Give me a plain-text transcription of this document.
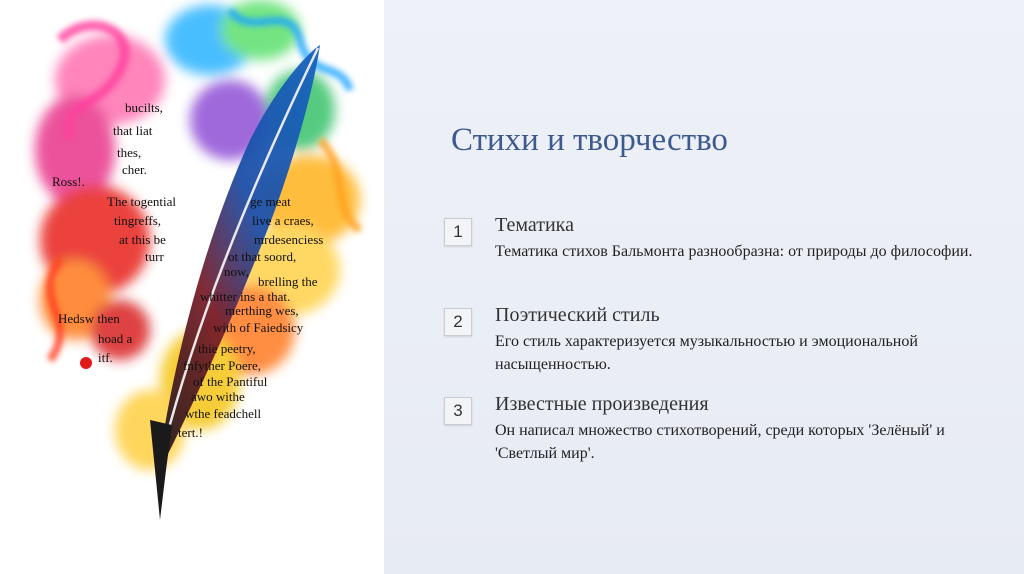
bucilts,
that liat
thes,
cher.
Ross!.
The togential
tingreffs,
at this be
turr
ge meat
live a craes,
mrdesenciess
ot that soord,
now,
brelling the
whitter ins a that.
merthing wes,
with of Faiedsicy
Hedsw then
hoad a
itf.
thie peetry,
fnfyther Poere,
of the Pantiful
awo withe
wthe feadchell
tert.!
Стихи и творчество
1	Тематика
Тематика стихов Бальмонта разнообразна: от природы до философии.
2	Поэтический стиль
Его стиль характеризуется музыкальностью и эмоциональной насыщенностью.
3	Известные произведения
Он написал множество стихотворений, среди которых 'Зелёный' и 'Светлый мир'.
